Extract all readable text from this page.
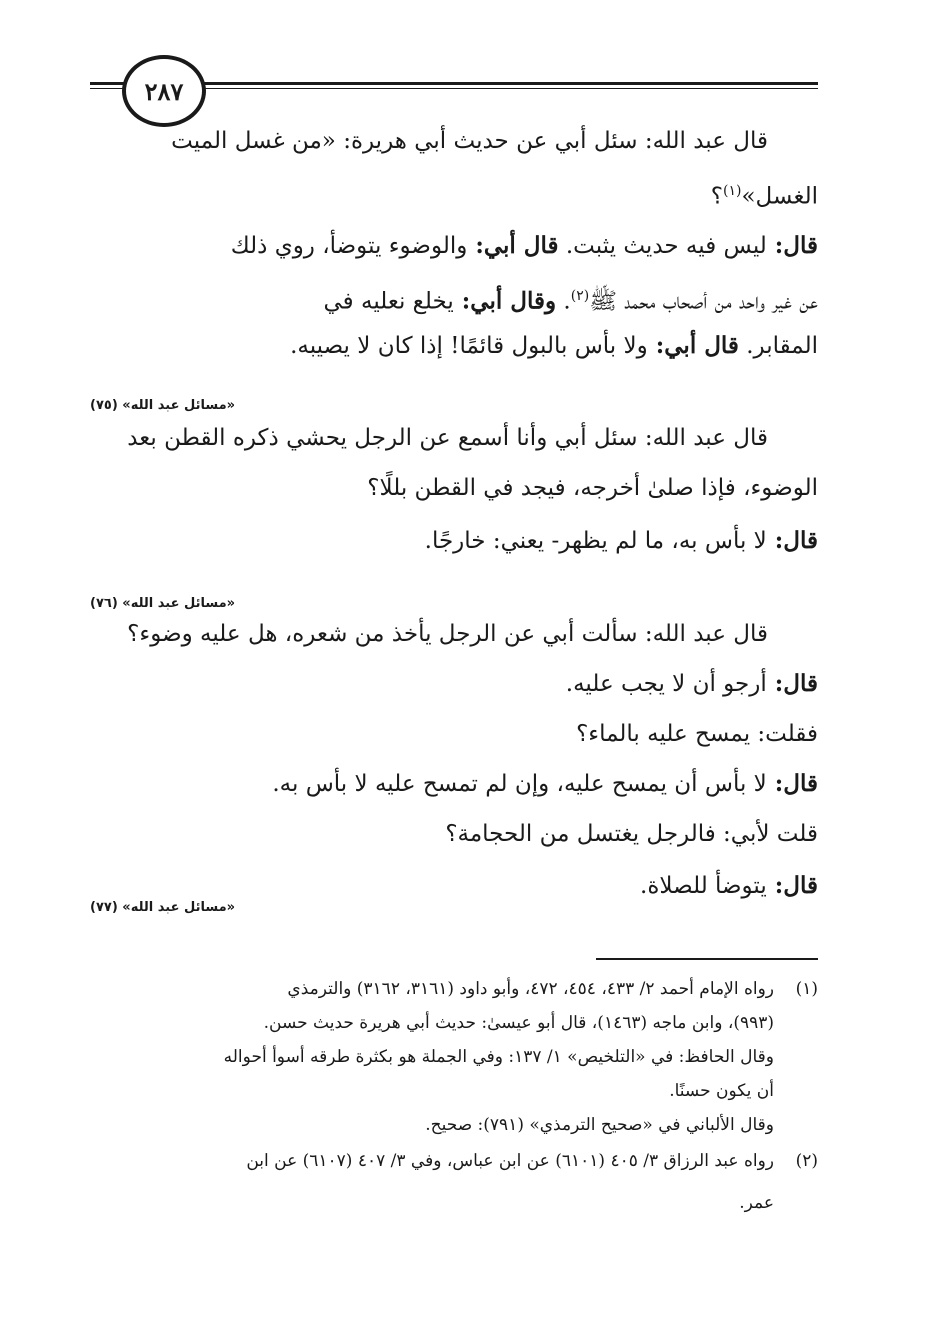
٢٨٧
قال عبد الله: سئل أبي عن حديث أبي هريرة: «من غسل الميت
الغسل»$^{(١)}$؟
قال: ليس فيه حديث يثبت. قال أبي: والوضوء يتوضأ، روي ذلك
عن غير واحد من أصحاب محمد ﷺ$^{(٢)}$. وقال أبي: يخلع نعليه في
المقابر. قال أبي: ولا بأس بالبول قائمًا! إذا كان لا يصيبه.
قال عبد الله: سئل أبي وأنا أسمع عن الرجل يحشي ذكره القطن بعد
الوضوء، فإذا صلىٰ أخرجه، فيجد في القطن بللًا؟
قال: لا بأس به، ما لم يظهر- يعني: خارجًا.
قال عبد الله: سألت أبي عن الرجل يأخذ من شعره، هل عليه وضوء؟
قال: أرجو أن لا يجب عليه.
فقلت: يمسح عليه بالماء؟
قال: لا بأس أن يمسح عليه، وإن لم تمسح عليه لا بأس به.
قلت لأبي: فالرجل يغتسل من الحجامة؟
قال: يتوضأ للصلاة.
«مسائل عبد الله» (٧٥)
«مسائل عبد الله» (٧٦)
«مسائل عبد الله» (٧٧)
(١)
رواه الإمام أحمد ٢/ ٤٣٣، ٤٥٤، ٤٧٢، وأبو داود (٣١٦١، ٣١٦٢) والترمذي
(٩٩٣)، وابن ماجه (١٤٦٣)، قال أبو عيسىٰ: حديث أبي هريرة حديث حسن.
وقال الحافظ: في «التلخيص» ١/ ١٣٧: وفي الجملة هو بكثرة طرقه أسوأ أحواله
أن يكون حسنًا.
وقال الألباني في «صحيح الترمذي» (٧٩١): صحيح.
(٢)
رواه عبد الرزاق ٣/ ٤٠٥ (٦١٠١) عن ابن عباس، وفي ٣/ ٤٠٧ (٦١٠٧) عن ابن
عمر.
